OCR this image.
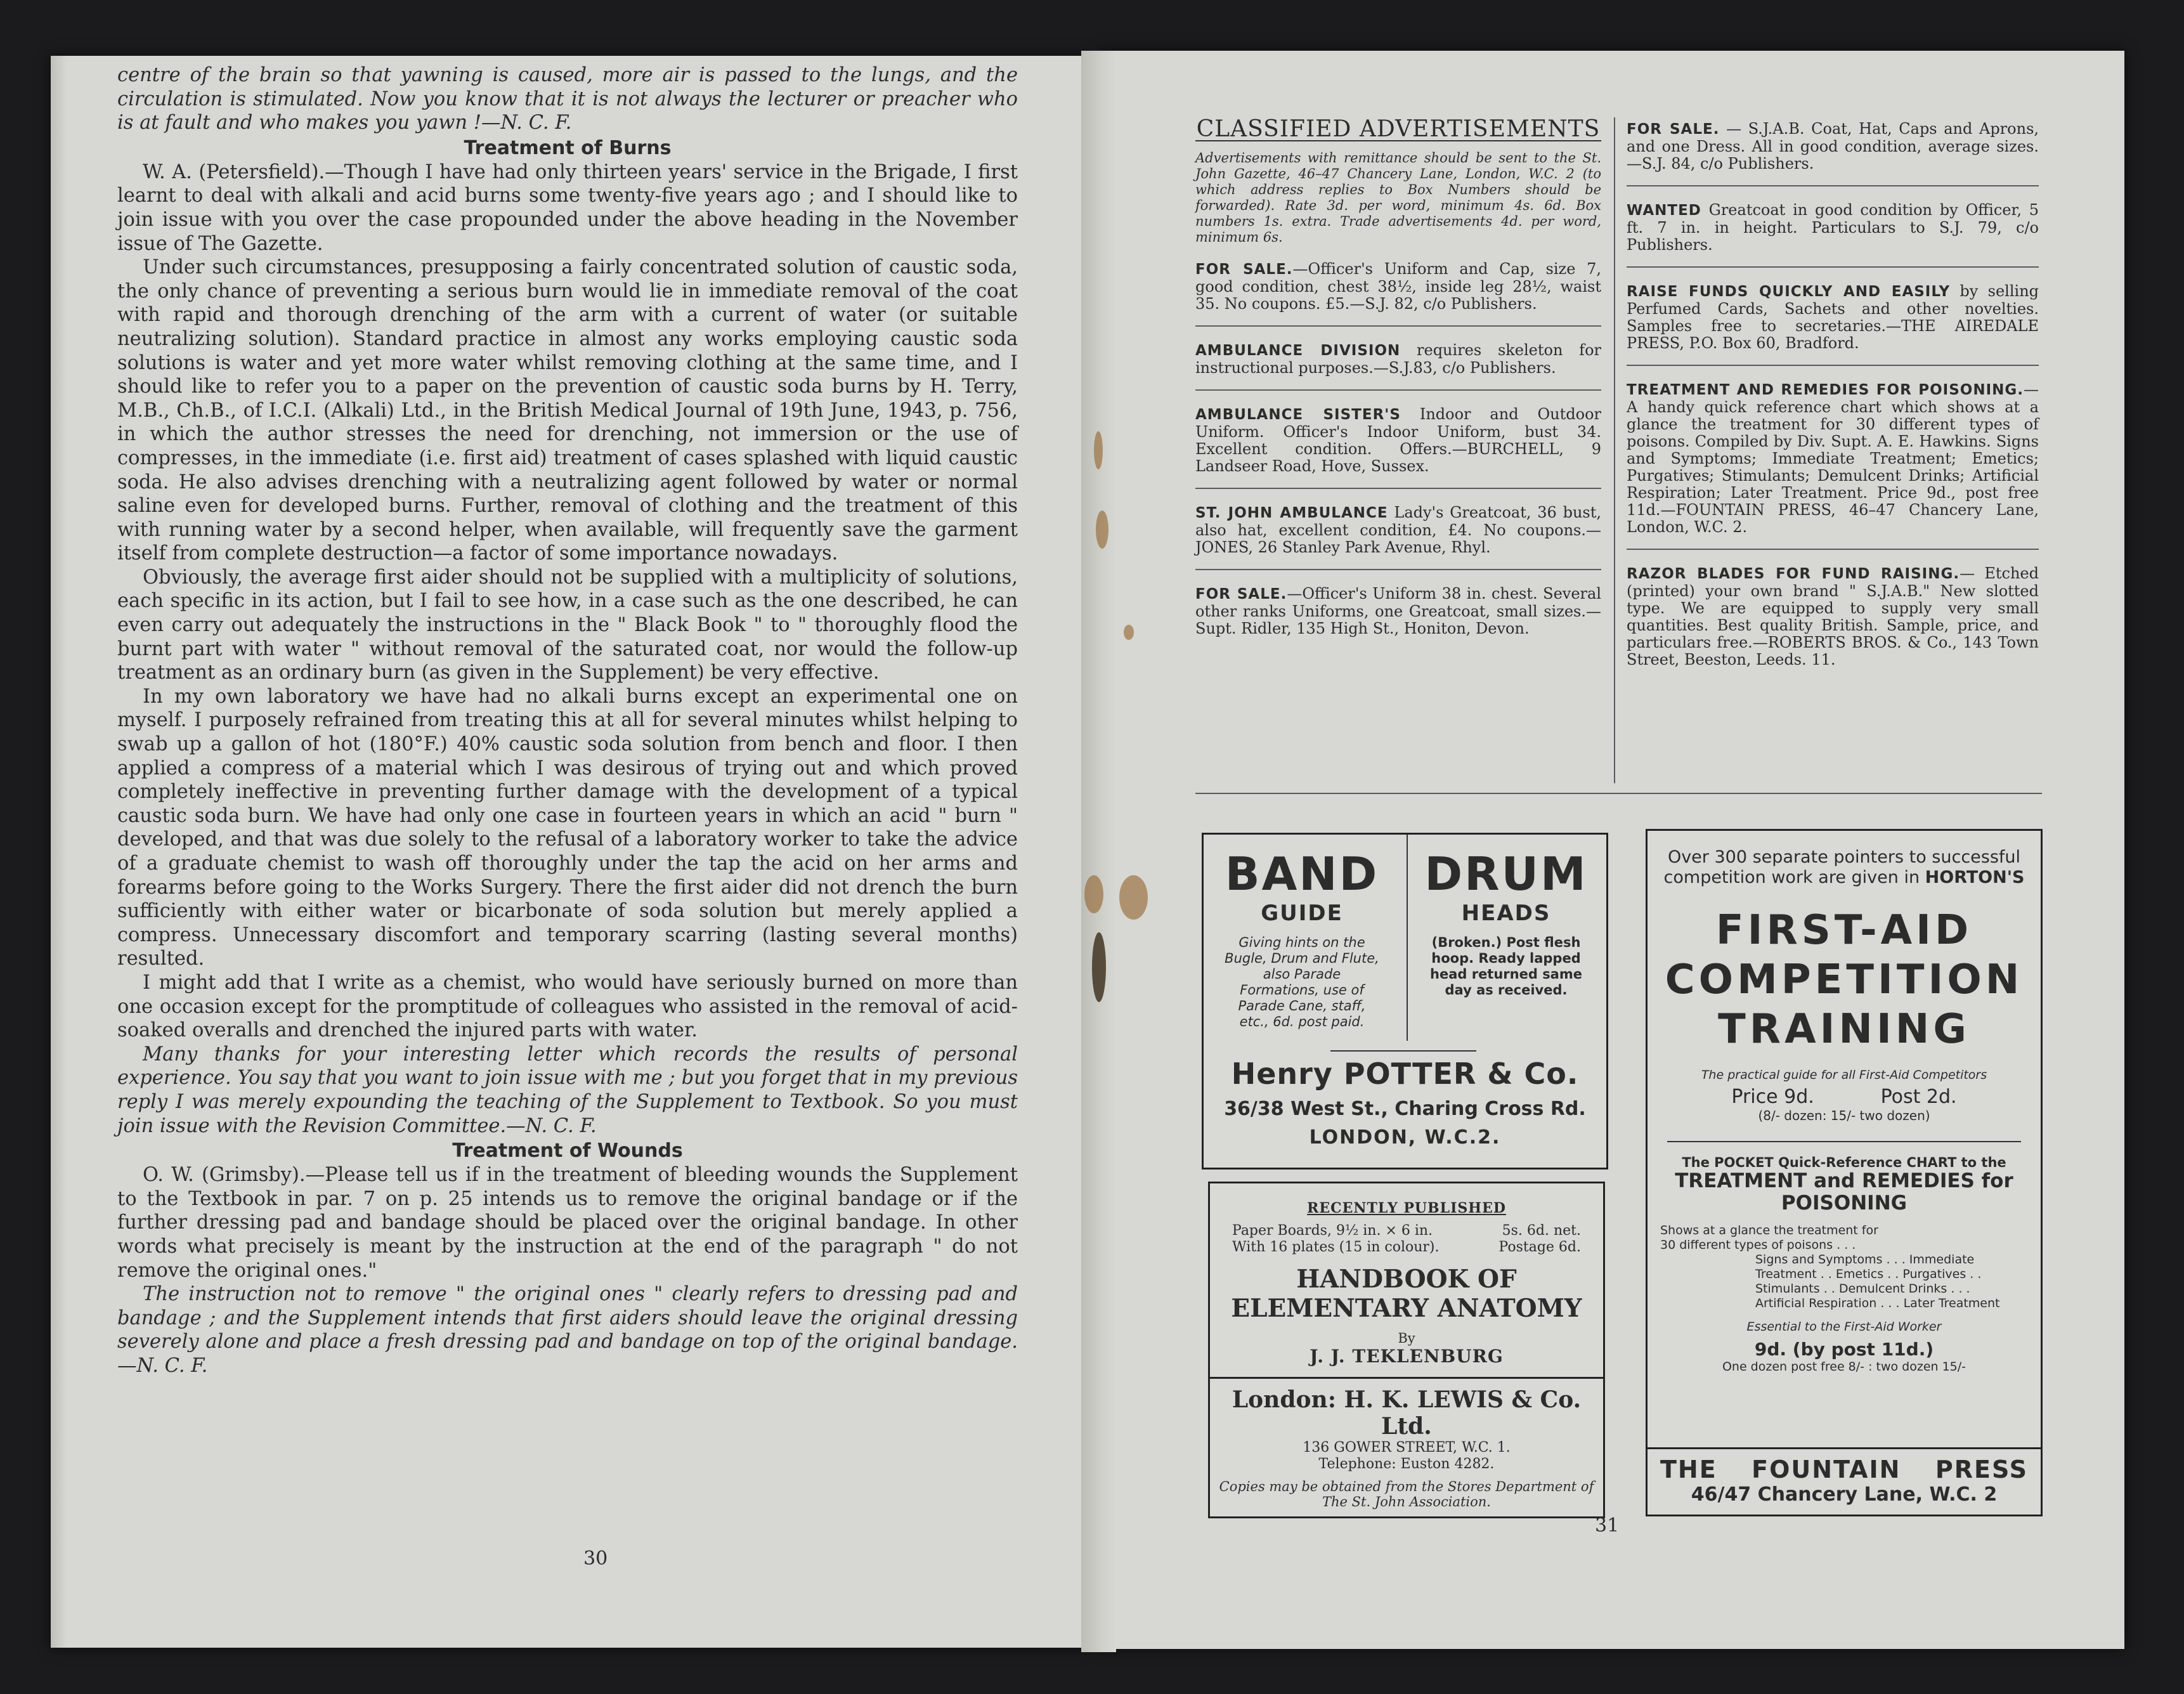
centre of the brain so that yawning is caused, more air is passed to the lungs, and the circulation is stimulated. Now you know that it is not always the lecturer or preacher who is at fault and who makes you yawn !—N. C. F.

Treatment of Burns

W. A. (Petersfield).—Though I have had only thirteen years' service in the Brigade, I first learnt to deal with alkali and acid burns some twenty-five years ago ; and I should like to join issue with you over the case propounded under the above heading in the November issue of The Gazette.

Under such circumstances, presupposing a fairly concentrated solution of caustic soda, the only chance of preventing a serious burn would lie in immediate removal of the coat with rapid and thorough drenching of the arm with a current of water (or suitable neutralizing solution). Standard practice in almost any works employing caustic soda solutions is water and yet more water whilst removing clothing at the same time, and I should like to refer you to a paper on the prevention of caustic soda burns by H. Terry, M.B., Ch.B., of I.C.I. (Alkali) Ltd., in the British Medical Journal of 19th June, 1943, p. 756, in which the author stresses the need for drenching, not immersion or the use of compresses, in the immediate (i.e. first aid) treatment of cases splashed with liquid caustic soda. He also advises drenching with a neutralizing agent followed by water or normal saline even for developed burns. Further, removal of clothing and the treatment of this with running water by a second helper, when available, will frequently save the garment itself from complete destruction—a factor of some importance nowadays.

Obviously, the average first aider should not be supplied with a multiplicity of solutions, each specific in its action, but I fail to see how, in a case such as the one described, he can even carry out adequately the instructions in the " Black Book " to " thoroughly flood the burnt part with water " without removal of the saturated coat, nor would the follow-up treatment as an ordinary burn (as given in the Supplement) be very effective.

In my own laboratory we have had no alkali burns except an experimental one on myself. I purposely refrained from treating this at all for several minutes whilst helping to swab up a gallon of hot (180°F.) 40% caustic soda solution from bench and floor. I then applied a compress of a material which I was desirous of trying out and which proved completely ineffective in preventing further damage with the development of a typical caustic soda burn. We have had only one case in fourteen years in which an acid " burn " developed, and that was due solely to the refusal of a laboratory worker to take the advice of a graduate chemist to wash off thoroughly under the tap the acid on her arms and forearms before going to the Works Surgery. There the first aider did not drench the burn sufficiently with either water or bicarbonate of soda solution but merely applied a compress. Unnecessary discomfort and temporary scarring (lasting several months) resulted.

I might add that I write as a chemist, who would have seriously burned on more than one occasion except for the promptitude of colleagues who assisted in the removal of acid-soaked overalls and drenched the injured parts with water.

Many thanks for your interesting letter which records the results of personal experience. You say that you want to join issue with me ; but you forget that in my previous reply I was merely expounding the teaching of the Supplement to Textbook. So you must join issue with the Revision Committee.—N. C. F.

Treatment of Wounds

O. W. (Grimsby).—Please tell us if in the treatment of bleeding wounds the Supplement to the Textbook in par. 7 on p. 25 intends us to remove the original bandage or if the further dressing pad and bandage should be placed over the original bandage. In other words what precisely is meant by the instruction at the end of the paragraph " do not remove the original ones."

The instruction not to remove " the original ones " clearly refers to dressing pad and bandage ; and the Supplement intends that first aiders should leave the original dressing severely alone and place a fresh dressing pad and bandage on top of the original bandage.—N. C. F.

30
CLASSIFIED ADVERTISEMENTS
Advertisements with remittance should be sent to the St. John Gazette, 46–47 Chancery Lane, London, W.C. 2 (to which address replies to Box Numbers should be forwarded). Rate 3d. per word, minimum 4s. 6d. Box numbers 1s. extra. Trade advertisements 4d. per word, minimum 6s.
FOR SALE.—Officer's Uniform and Cap, size 7, good condition, chest 38½, inside leg 28½, waist 35. No coupons. £5.—S.J. 82, c/o Publishers.
AMBULANCE DIVISION requires skeleton for instructional purposes.—S.J.83, c/o Publishers.
AMBULANCE SISTER'S Indoor and Outdoor Uniform. Officer's Indoor Uniform, bust 34. Excellent condition. Offers.—BURCHELL, 9 Landseer Road, Hove, Sussex.
ST. JOHN AMBULANCE Lady's Greatcoat, 36 bust, also hat, excellent condition, £4. No coupons.—JONES, 26 Stanley Park Avenue, Rhyl.
FOR SALE.—Officer's Uniform 38 in. chest. Several other ranks Uniforms, one Greatcoat, small sizes.—Supt. Ridler, 135 High St., Honiton, Devon.
FOR SALE. — S.J.A.B. Coat, Hat, Caps and Aprons, and one Dress. All in good condition, average sizes.—S.J. 84, c/o Publishers.
WANTED Greatcoat in good condition by Officer, 5 ft. 7 in. in height. Particulars to S.J. 79, c/o Publishers.
RAISE FUNDS QUICKLY AND EASILY by selling Perfumed Cards, Sachets and other novelties. Samples free to secretaries.—THE AIREDALE PRESS, P.O. Box 60, Bradford.
TREATMENT AND REMEDIES FOR POISONING.—A handy quick reference chart which shows at a glance the treatment for 30 different types of poisons. Compiled by Div. Supt. A. E. Hawkins. Signs and Symptoms; Immediate Treatment; Emetics; Purgatives; Stimulants; Demulcent Drinks; Artificial Respiration; Later Treatment. Price 9d., post free 11d.—FOUNTAIN PRESS, 46–47 Chancery Lane, London, W.C. 2.
RAZOR BLADES FOR FUND RAISING.— Etched (printed) your own brand " S.J.A.B." New slotted type. We are equipped to supply very small quantities. Best quality British. Sample, price, and particulars free.—ROBERTS BROS. & Co., 143 Town Street, Beeston, Leeds. 11.
BAND
GUIDE
Giving hints on the Bugle, Drum and Flute, also Parade Formations, use of Parade Cane, staff, etc., 6d. post paid.
DRUM
HEADS
(Broken.) Post flesh hoop. Ready lapped head returned same day as received.
Henry POTTER & Co.
36/38 West St., Charing Cross Rd.
LONDON, W.C.2.
RECENTLY PUBLISHED
Paper Boards, 9½ in. × 6 in.	5s. 6d. net.
With 16 plates (15 in colour).	Postage 6d.
HANDBOOK OF
ELEMENTARY ANATOMY
By
J. J. TEKLENBURG
London: H. K. LEWIS & Co. Ltd.
136 GOWER STREET, W.C. 1.
Telephone: Euston 4282.
Copies may be obtained from the Stores Department of The St. John Association.
Over 300 separate pointers to successful competition work are given in HORTON'S
FIRST-AID
COMPETITION
TRAINING
The practical guide for all First-Aid Competitors
Price 9d.	Post 2d.
(8/- dozen: 15/- two dozen)
The POCKET Quick-Reference CHART to the
TREATMENT and REMEDIES for POISONING
Shows at a glance the treatment for
30 different types of poisons . . .
Signs and Symptoms . . . Immediate Treatment . . Emetics . . Purgatives . . Stimulants . . Demulcent Drinks . . . Artificial Respiration . . . Later Treatment
Essential to the First-Aid Worker
9d. (by post 11d.)
One dozen post free 8/- : two dozen 15/-
THE FOUNTAIN PRESS
46/47 Chancery Lane, W.C. 2
31
